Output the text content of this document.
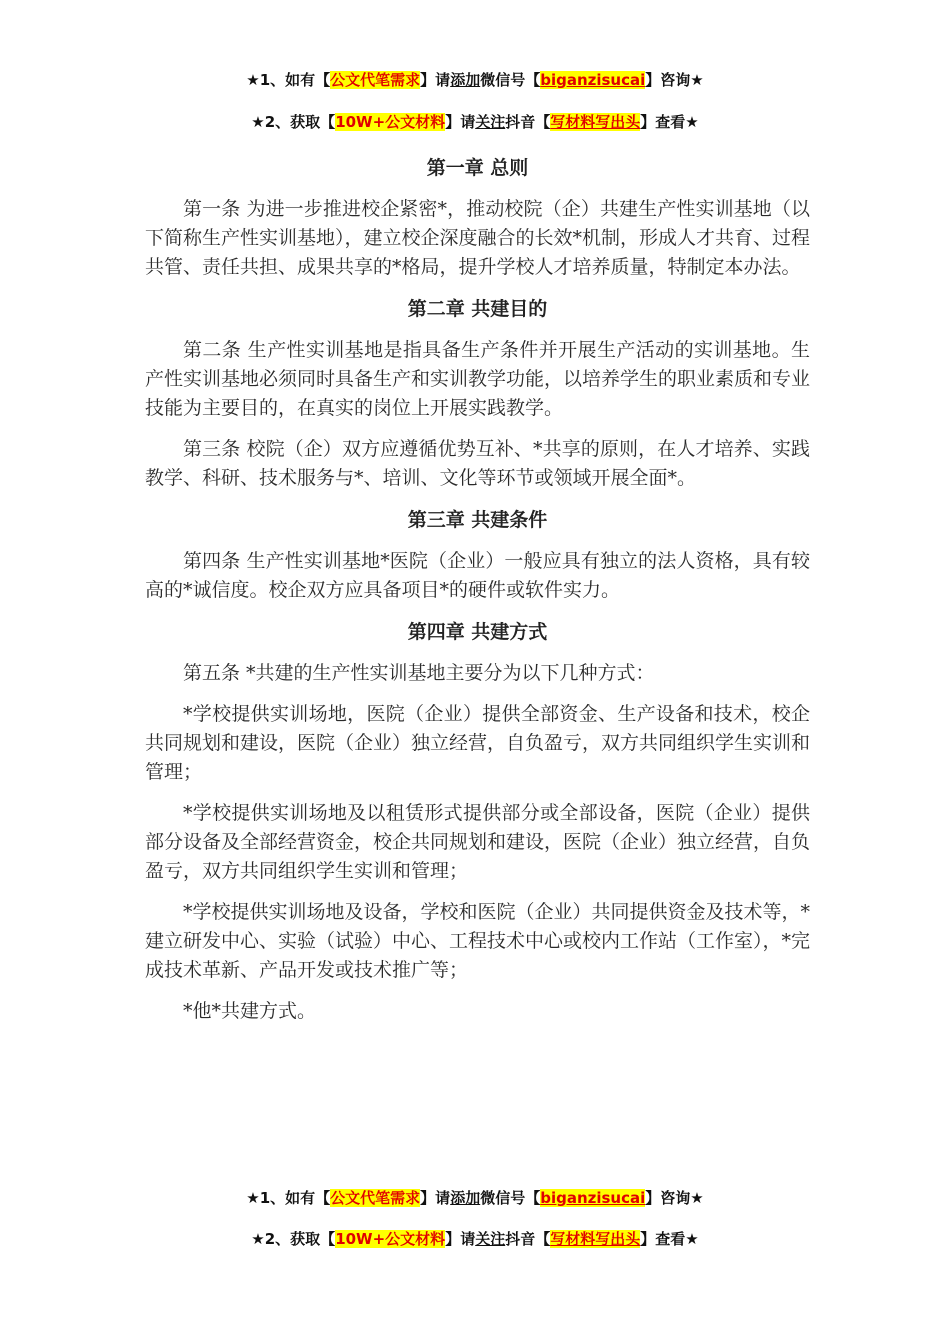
★1、如有【公文代笔需求】请添加微信号【biganzisucai】咨询★
★2、获取【10W+公文材料】请关注抖音【写材料写出头】查看★
第一章 总则

第一条 为进一步推进校企紧密*，推动校院（企）共建生产性实训基地（以下简称生产性实训基地），建立校企深度融合的长效*机制，形成人才共育、过程共管、责任共担、成果共享的*格局，提升学校人才培养质量，特制定本办法。

第二章 共建目的

第二条 生产性实训基地是指具备生产条件并开展生产活动的实训基地。生产性实训基地必须同时具备生产和实训教学功能，以培养学生的职业素质和专业技能为主要目的，在真实的岗位上开展实践教学。

第三条 校院（企）双方应遵循优势互补、*共享的原则，在人才培养、实践教学、科研、技术服务与*、培训、文化等环节或领域开展全面*。

第三章 共建条件

第四条 生产性实训基地*医院（企业）一般应具有独立的法人资格，具有较高的*诚信度。校企双方应具备项目*的硬件或软件实力。

第四章 共建方式

第五条 *共建的生产性实训基地主要分为以下几种方式：

*学校提供实训场地，医院（企业）提供全部资金、生产设备和技术，校企共同规划和建设，医院（企业）独立经营，自负盈亏，双方共同组织学生实训和管理；

*学校提供实训场地及以租赁形式提供部分或全部设备，医院（企业）提供部分设备及全部经营资金，校企共同规划和建设，医院（企业）独立经营，自负盈亏，双方共同组织学生实训和管理；

*学校提供实训场地及设备，学校和医院（企业）共同提供资金及技术等，*建立研发中心、实验（试验）中心、工程技术中心或校内工作站（工作室），*完成技术革新、产品开发或技术推广等；

*他*共建方式。

★1、如有【公文代笔需求】请添加微信号【biganzisucai】咨询★
★2、获取【10W+公文材料】请关注抖音【写材料写出头】查看★
